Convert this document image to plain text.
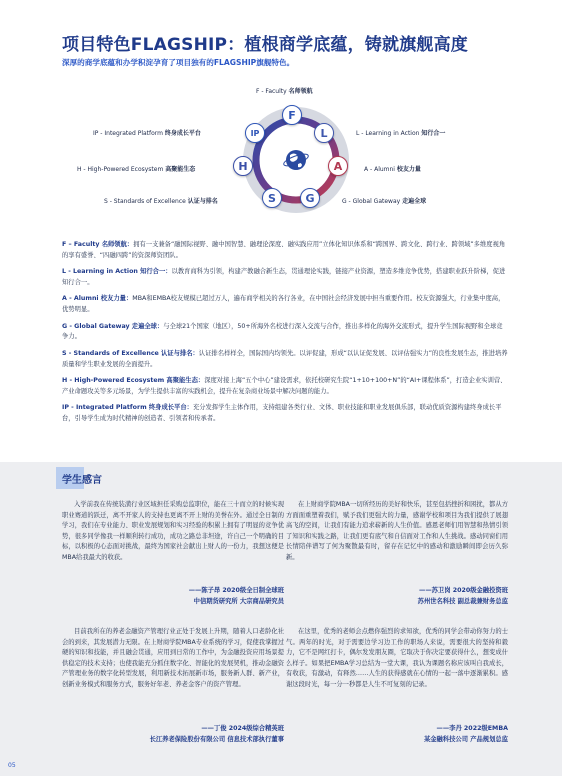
项目特色FLAGSHIP：植根商学底蕴，铸就旗舰高度
深厚的商学底蕴和办学积淀孕育了项目独有的FLAGSHIP旗舰特色。
F
L
A
G
S
H
IP
F - Faculty 名师领航
L - Learning in Action 知行合一
A - Alumni 校友力量
G - Global Gateway 走遍全球
S - Standards of Excellence 认证与排名
H - High-Powered Ecosystem 高聚能生态
IP - Integrated Platform 终身成长平台
F – Faculty 名师领航：拥有一支兼备“融国际视野、融中国智慧、融理论深度、融实践应用”立体化知识体系和“跨国界、跨文化、跨行业、跨领域”多维度视角的享有盛誉、“四融四跨”的资深师资团队。
L - Learning in Action 知行合一：以教育商科为引领，构建产教融合新生态，贯通理论实践，链接产业资源，塑造多维竞争优势，搭建职业跃升阶梯，促进知行合一。
A - Alumni 校友力量：MBA和EMBA校友规模已超过万人，遍布商学相关的各行各业，在中国社会经济发展中担当重要作用。校友资源强大，行业集中度高，优势明显。
G - Global Gateway 走遍全球：与全球21个国家（地区），50+所海外名校进行深入交流与合作，推出多样化的海外交流形式，提升学生国际视野和全球竞争力。
S - Standards of Excellence 认证与排名：认证排名样样全，国际国内均领先。以评促建，形成“以认证促发展、以评估强实力”的良性发展生态，推进培养质量和学生职业发展的全面提升。
H - High-Powered Ecosystem 高聚能生态：深度对接上海“五个中心”建设需求，依托校研究生院“1+10+100+N”的“AI+课程体系”，打造企业实训营、产业命题攻关等多元场景，为学生提供丰富的实践机会，提升在复杂商业场景中解决问题的能力。
IP - Integrated Platform 终身成长平台：充分发挥学生主体作用，支持组建各类行业、文体、职业技能和职业发展俱乐部，联动优质资源构建终身成长平台，引导学生成为时代精神的创造者、引领者和传承者。
学生感言
入学前我在传统装潢行业区域担任采购总监职位，能在三十而立的时候实现职业赛道的跃迁，离不开家人的支持也更离不开上财的美誉在外。通过全日制的学习，我们在专业能力、职业发展规划和实习经验的积累上拥有了明显的竞争优势，很多同学像我一样顺利转行成功，成功之路总非坦途，许自己一个明确的目标，以积极的心态面对挑战，最终为国家社会献出上财人的一份力，我想这便是MBA给我最大的收获。
——陈子昂 2020级全日制全球班
中信期货研究所 大宗商品研究员
在上财商学院MBA一切所经历的美好和快乐，甚至包括挫折和困扰，都从方方面面重塑着我们，赋予我们更强大的力量，感谢学校和项目为我们提供了展翅高飞的空间，让我们有能力追求崭新的人生价值。感恩老师们用智慧和热情引领了知识和实践之路，让我们更有底气和自信面对工作和人生挑战。感动同窗们用长情陪伴谱写了何为聚散最有时，留存在记忆中的感动和激励瞬间即会历久弥新。
——苏卫岗 2020级金融投资班
苏州世名科技 副总裁兼财务总监
目前我所在的养老金融资产管理行业正处于发展上升期，随着人口老龄化社会的到来，其发展潜力无限。在上财商学院MBA专业系统的学习，促使我掌握过硬的知识和技能，并且融会贯通，应用到日常的工作中，为金融投资应用场景提供稳定的技术支持；也使我能充分抓住数字化、智能化的发展契机，推动金融资产管理业务的数字化转型发展，利用新技术拓展新市场，服务新人群、新产业，创新业务模式和服务方式，服务好年老、养老金客户的资产管理。
——丁俊 2024级综合精英班
长江养老保险股份有限公司 信息技术部执行董事
在这里，优秀的老师会点燃你强烈的求知欲，优秀的同学会带动你努力的士气。两年的时光，对于需要边学习边工作的职场人来说，需要很大的坚持和毅力，它不是网红打卡，偶尔发发朋友圈，它取决于你决定要获得什么，想变成什么样子。如果把EMBA学习总结为一堂大课，我认为课题名称应该叫自我成长，有收获，有激动，有释然……人生的获得感就在心情的一起一落中逐渐累积。感谢这段时光，每一分一秒都是人生不可复刻的记录。
——李丹 2022级EMBA
某金融科技公司 产品规划总监
05
